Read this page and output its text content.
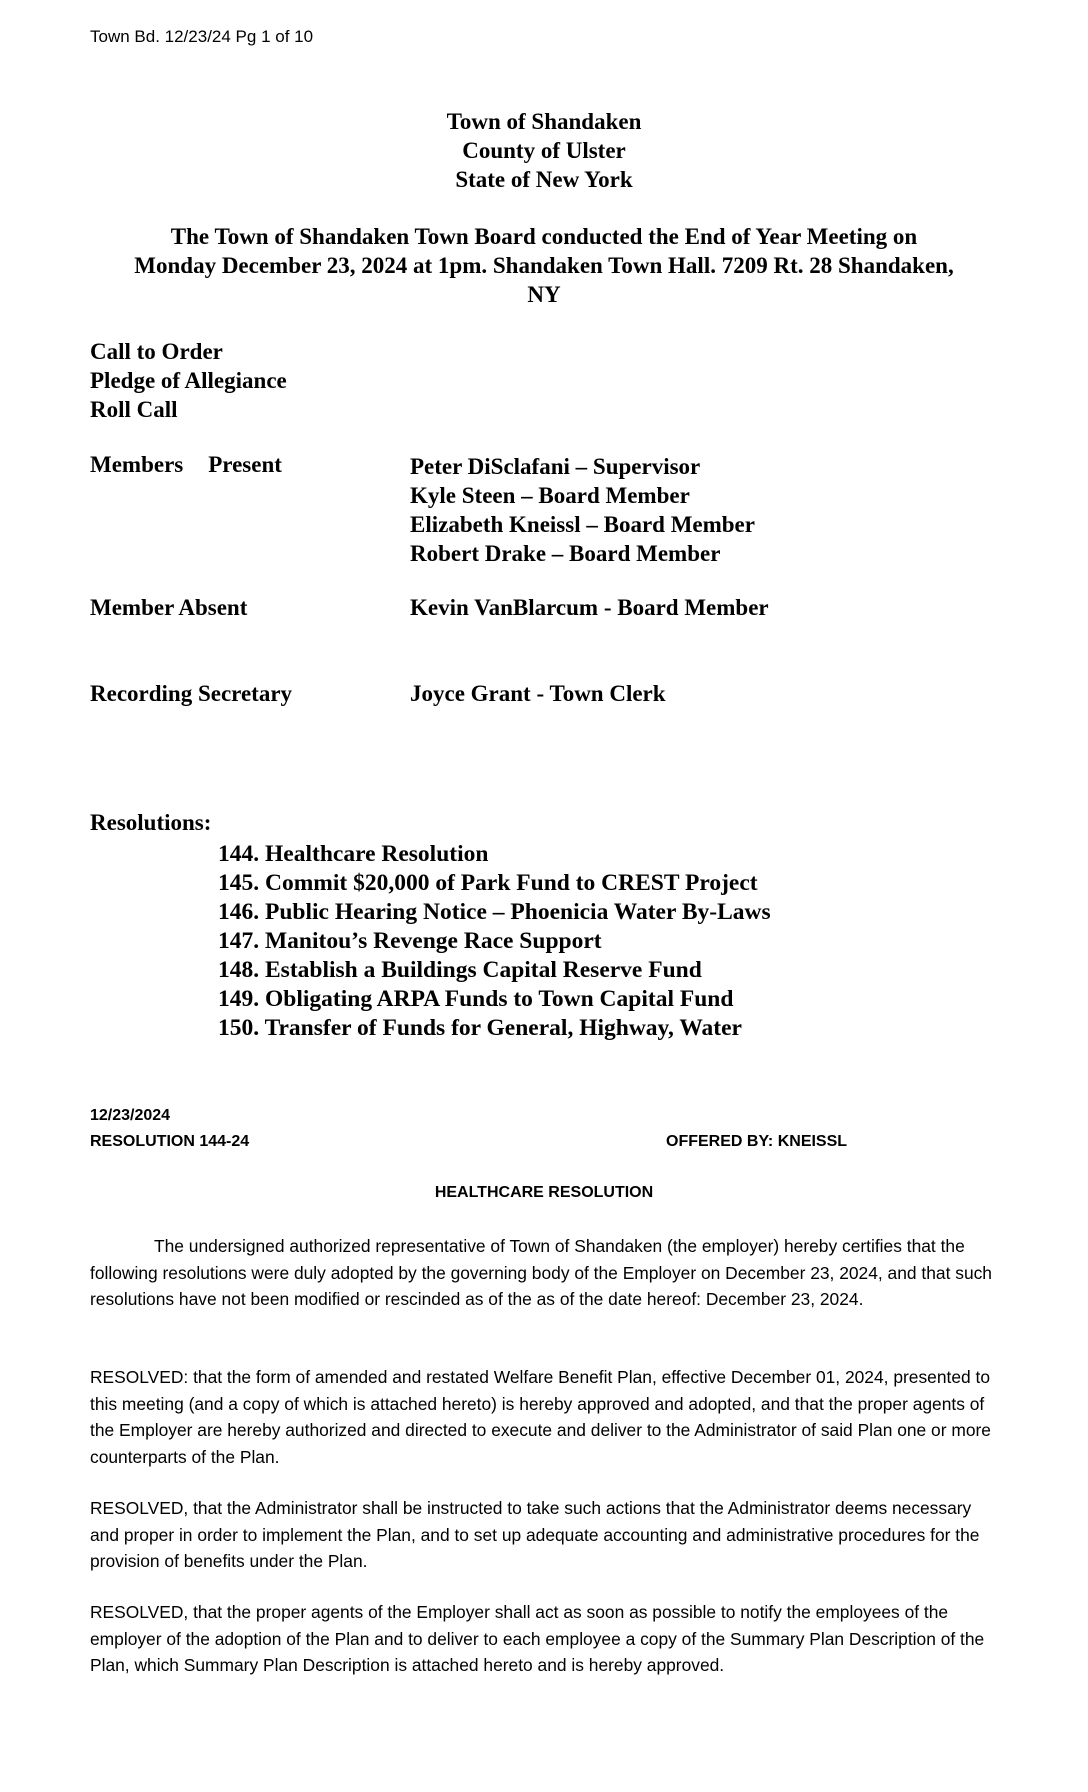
Town Bd. 12/23/24 Pg 1 of 10
Town of Shandaken
County of Ulster
State of New York
The Town of Shandaken Town Board conducted the End of Year Meeting on
Monday December 23, 2024 at 1pm. Shandaken Town Hall. 7209 Rt. 28 Shandaken,
NY
Call to Order
Pledge of Allegiance
Roll Call
Members Present	Peter DiSclafani – Supervisor
Kyle Steen – Board Member
Elizabeth Kneissl – Board Member
Robert Drake – Board Member
Member Absent	Kevin VanBlarcum - Board Member
Recording Secretary	Joyce Grant - Town Clerk
Resolutions:
144. Healthcare Resolution
145. Commit $20,000 of Park Fund to CREST Project
146. Public Hearing Notice – Phoenicia Water By-Laws
147. Manitou’s Revenge Race Support
148. Establish a Buildings Capital Reserve Fund
149. Obligating ARPA Funds to Town Capital Fund
150. Transfer of Funds for General, Highway, Water
12/23/2024
RESOLUTION 144-24	OFFERED BY: KNEISSL
HEALTHCARE RESOLUTION
The undersigned authorized representative of Town of Shandaken (the employer) hereby certifies that the following resolutions were duly adopted by the governing body of the Employer on December 23, 2024, and that such resolutions have not been modified or rescinded as of the as of the date hereof: December 23, 2024.
RESOLVED: that the form of amended and restated Welfare Benefit Plan, effective December 01, 2024, presented to this meeting (and a copy of which is attached hereto) is hereby approved and adopted, and that the proper agents of the Employer are hereby authorized and directed to execute and deliver to the Administrator of said Plan one or more counterparts of the Plan.
RESOLVED, that the Administrator shall be instructed to take such actions that the Administrator deems necessary and proper in order to implement the Plan, and to set up adequate accounting and administrative procedures for the provision of benefits under the Plan.
RESOLVED, that the proper agents of the Employer shall act as soon as possible to notify the employees of the employer of the adoption of the Plan and to deliver to each employee a copy of the Summary Plan Description of the Plan, which Summary Plan Description is attached hereto and is hereby approved.
